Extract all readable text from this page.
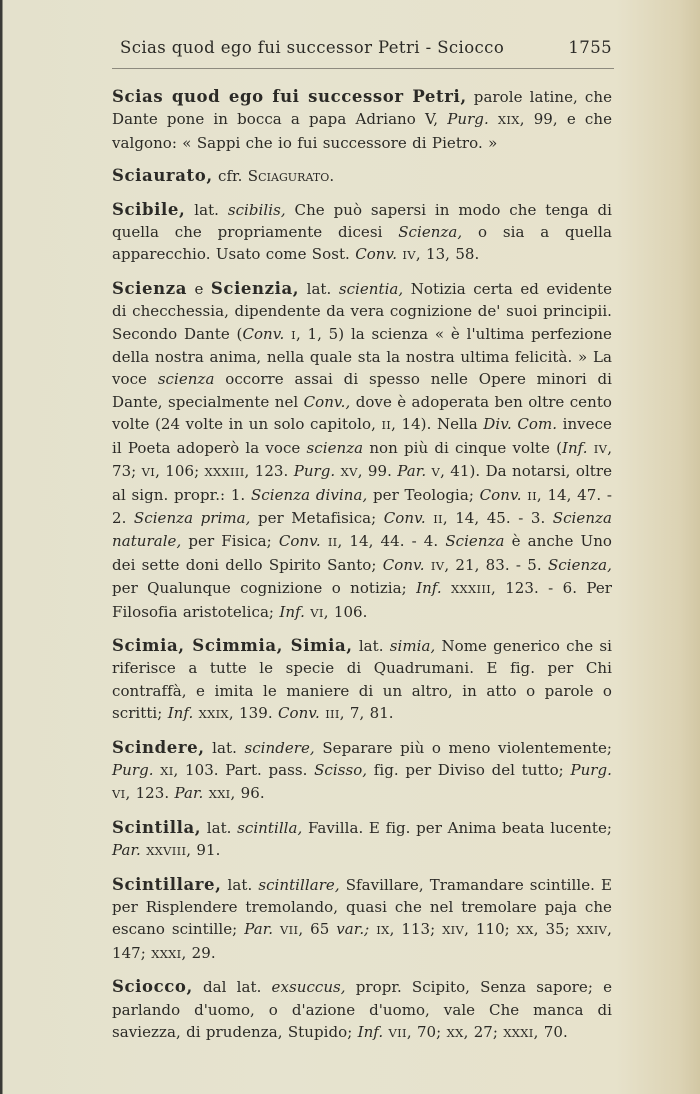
Scias quod ego fui successor Petri - Sciocco	1755

Scias quod ego fui successor Petri, parole latine, che Dante pone in bocca a papa Adriano V, Purg. XIX, 99, e che valgono: « Sappi che io fui successore di Pietro. »

Sciaurato, cfr. Sciagurato.

Scibile, lat. scibilis, Che può sapersi in modo che tenga di quella che propriamente dicesi Scienza, o sia a quella apparecchio. Usato come Sost. Conv. IV, 13, 58.

Scienza e Scienzia, lat. scientia, Notizia certa ed evidente di checchessia, dipendente da vera cognizione de' suoi principii. Secondo Dante (Conv. I, 1, 5) la scienza « è l'ultima perfezione della nostra anima, nella quale sta la nostra ultima felicità. » La voce scienza occorre assai di spesso nelle Opere minori di Dante, specialmente nel Conv., dove è adoperata ben oltre cento volte (24 volte in un solo capitolo, II, 14). Nella Div. Com. invece il Poeta adoperò la voce scienza non più di cinque volte (Inf. IV, 73; VI, 106; XXXIII, 123. Purg. XV, 99. Par. V, 41). Da notarsi, oltre al sign. propr.: 1. Scienza divina, per Teologia; Conv. II, 14, 47. - 2. Scienza prima, per Metafisica; Conv. II, 14, 45. - 3. Scienza naturale, per Fisica; Conv. II, 14, 44. - 4. Scienza è anche Uno dei sette doni dello Spirito Santo; Conv. IV, 21, 83. - 5. Scienza, per Qualunque cognizione o notizia; Inf. XXXIII, 123. - 6. Per Filosofia aristotelica; Inf. VI, 106.

Scimia, Scimmia, Simia, lat. simia, Nome generico che si riferisce a tutte le specie di Quadrumani. E fig. per Chi contraffà, e imita le maniere di un altro, in atto o parole o scritti; Inf. XXIX, 139. Conv. III, 7, 81.

Scindere, lat. scindere, Separare più o meno violentemente; Purg. XI, 103. Part. pass. Scisso, fig. per Diviso del tutto; Purg. VI, 123. Par. XXI, 96.

Scintilla, lat. scintilla, Favilla. E fig. per Anima beata lucente; Par. XXVIII, 91.

Scintillare, lat. scintillare, Sfavillare, Tramandare scintille. E per Risplendere tremolando, quasi che nel tremolare paja che escano scintille; Par. VII, 65 var.; IX, 113; XIV, 110; XX, 35; XXIV, 147; XXXI, 29.

Sciocco, dal lat. exsuccus, propr. Scipito, Senza sapore; e parlando d'uomo, o d'azione d'uomo, vale Che manca di saviezza, di prudenza, Stupido; Inf. VII, 70; XX, 27; XXXI, 70.
